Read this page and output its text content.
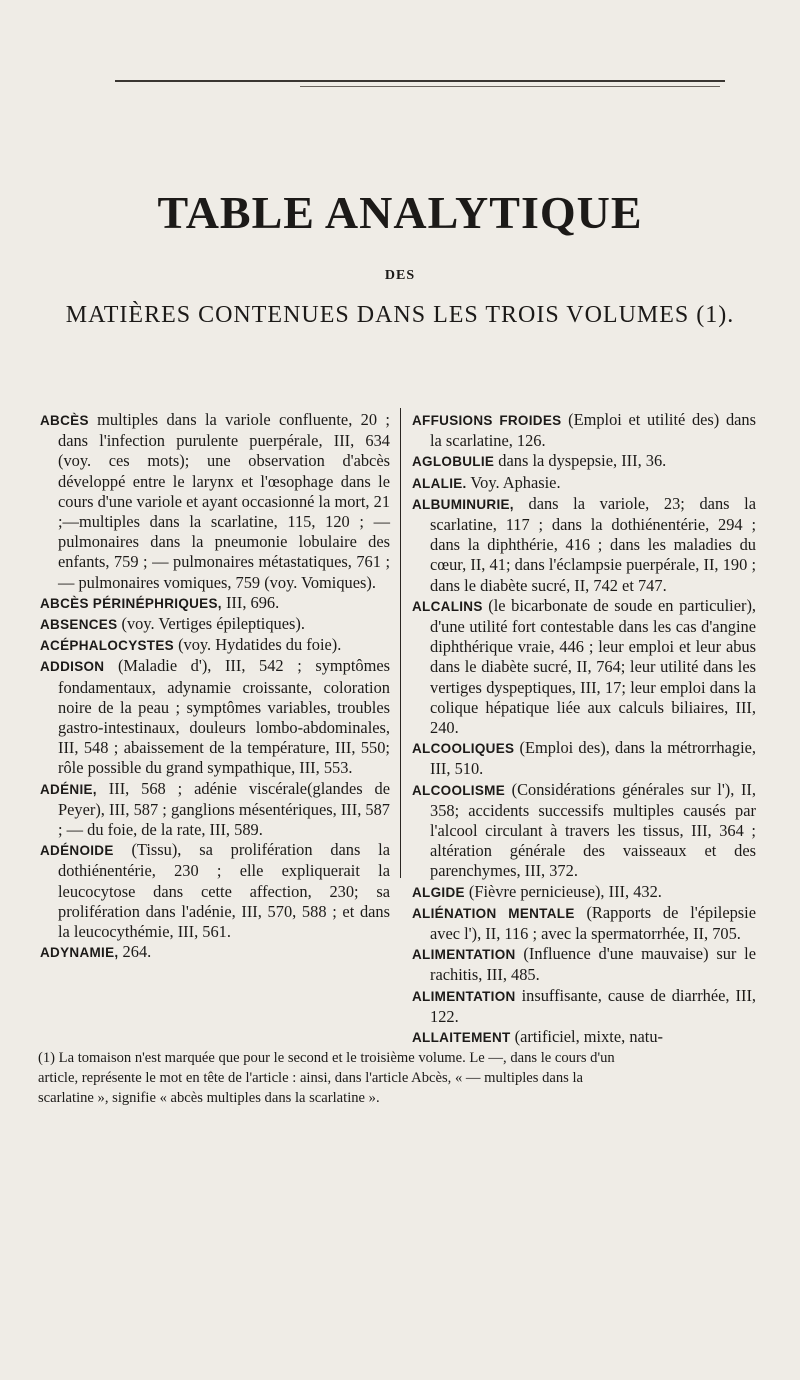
TABLE ANALYTIQUE
DES
MATIÈRES CONTENUES DANS LES TROIS VOLUMES (1).

ABCÈS multiples dans la variole confluente, 20 ; dans l'infection purulente puerpérale, III, 634 (voy. ces mots); une observation d'abcès développé entre le larynx et l'œsophage dans le cours d'une variole et ayant occasionné la mort, 21 ;—multiples dans la scarlatine, 115, 120 ; — pulmonaires dans la pneumonie lobulaire des enfants, 759 ; — pulmonaires métastatiques, 761 ; — pulmonaires vomiques, 759 (voy. Vomiques).

ABCÈS PÉRINÉPHRIQUES, III, 696.

ABSENCES (voy. Vertiges épileptiques).

ACÉPHALOCYSTES (voy. Hydatides du foie).

ADDISON (Maladie d'), III, 542 ; symptômes fondamentaux, adynamie croissante, coloration noire de la peau ; symptômes variables, troubles gastro-intestinaux, douleurs lombo-abdominales, III, 548 ; abaissement de la température, III, 550; rôle possible du grand sympathique, III, 553.

ADÉNIE, III, 568 ; adénie viscérale(glandes de Peyer), III, 587 ; ganglions mésentériques, III, 587 ; — du foie, de la rate, III, 589.

ADÉNOIDE (Tissu), sa prolifération dans la dothiénentérie, 230 ; elle expliquerait la leucocytose dans cette affection, 230; sa prolifération dans l'adénie, III, 570, 588 ; et dans la leucocythémie, III, 561.

ADYNAMIE, 264.

AFFUSIONS FROIDES (Emploi et utilité des) dans la scarlatine, 126.

AGLOBULIE dans la dyspepsie, III, 36.

ALALIE. Voy. Aphasie.

ALBUMINURIE, dans la variole, 23; dans la scarlatine, 117 ; dans la dothiénentérie, 294 ; dans la diphthérie, 416 ; dans les maladies du cœur, II, 41; dans l'éclampsie puerpérale, II, 190 ; dans le diabète sucré, II, 742 et 747.

ALCALINS (le bicarbonate de soude en particulier), d'une utilité fort contestable dans les cas d'angine diphthérique vraie, 446 ; leur emploi et leur abus dans le diabète sucré, II, 764; leur utilité dans les vertiges dyspeptiques, III, 17; leur emploi dans la colique hépatique liée aux calculs biliaires, III, 240.

ALCOOLIQUES (Emploi des), dans la métrorrhagie, III, 510.

ALCOOLISME (Considérations générales sur l'), II, 358; accidents successifs multiples causés par l'alcool circulant à travers les tissus, III, 364 ; altération générale des vaisseaux et des parenchymes, III, 372.

ALGIDE (Fièvre pernicieuse), III, 432.

ALIÉNATION MENTALE (Rapports de l'épilepsie avec l'), II, 116 ; avec la spermatorrhée, II, 705.

ALIMENTATION (Influence d'une mauvaise) sur le rachitis, III, 485.

ALIMENTATION insuffisante, cause de diarrhée, III, 122.

ALLAITEMENT (artificiel, mixte, natu-

(1) La tomaison n'est marquée que pour le second et le troisième volume. Le —, dans le cours d'un
article, représente le mot en tête de l'article : ainsi, dans l'article Abcès, « — multiples dans la
scarlatine », signifie « abcès multiples dans la scarlatine ».
